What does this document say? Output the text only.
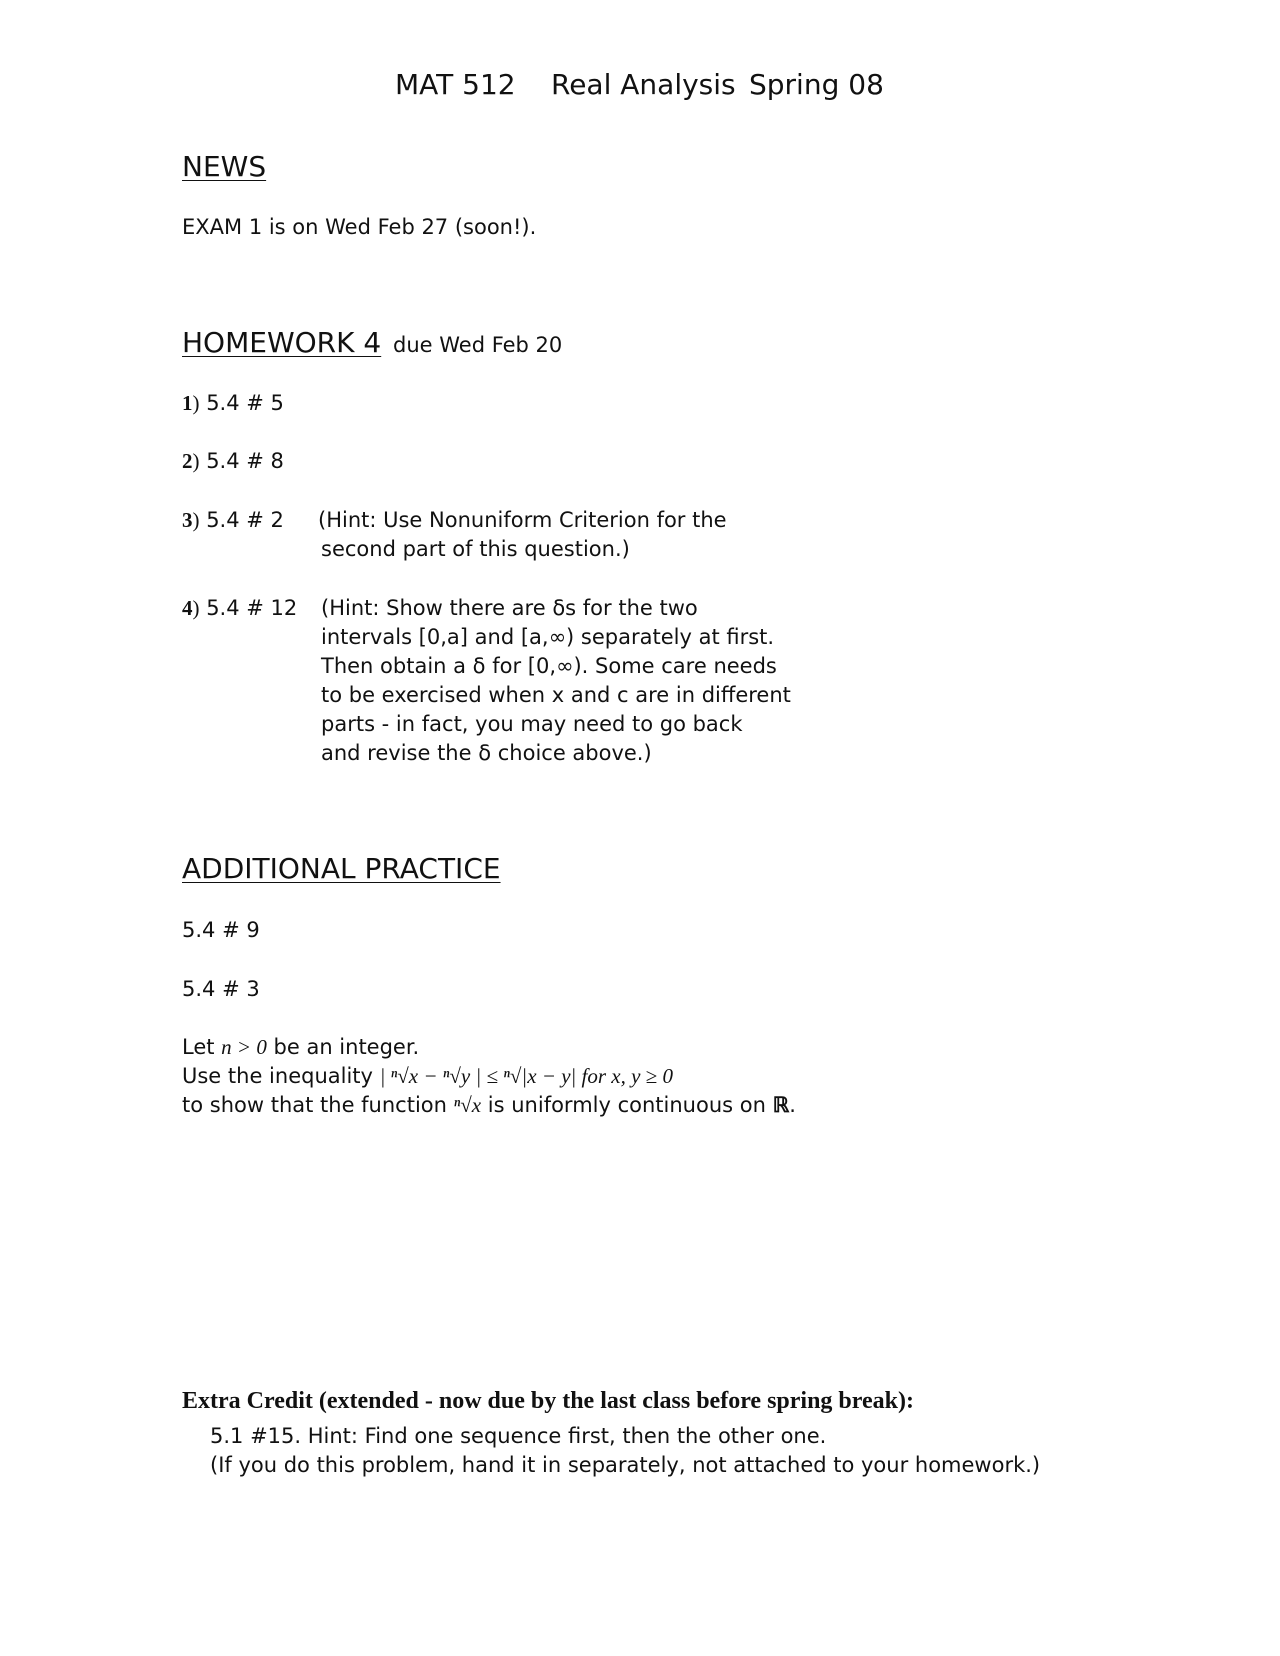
MAT 512 Real Analysis Spring 08
NEWS
EXAM 1 is on Wed Feb 27 (soon!).
HOMEWORK 4 due Wed Feb 20
1) 5.4 # 5
2) 5.4 # 8
3) 5.4 # 2 (Hint: Use Nonuniform Criterion for the
second part of this question.)
4) 5.4 # 12 (Hint: Show there are δs for the two
intervals [0,a] and [a,∞) separately at first.
Then obtain a δ for [0,∞). Some care needs
to be exercised when x and c are in different
parts - in fact, you may need to go back
and revise the δ choice above.)
ADDITIONAL PRACTICE
5.4 # 9
5.4 # 3
Let n > 0 be an integer.
Use the inequality | ⁿ√x − ⁿ√y | ≤ ⁿ√|x − y| for x, y ≥ 0
to show that the function ⁿ√x is uniformly continuous on ℝ.
Extra Credit (extended - now due by the last class before spring break):
5.1 #15. Hint: Find one sequence first, then the other one.
(If you do this problem, hand it in separately, not attached to your homework.)
